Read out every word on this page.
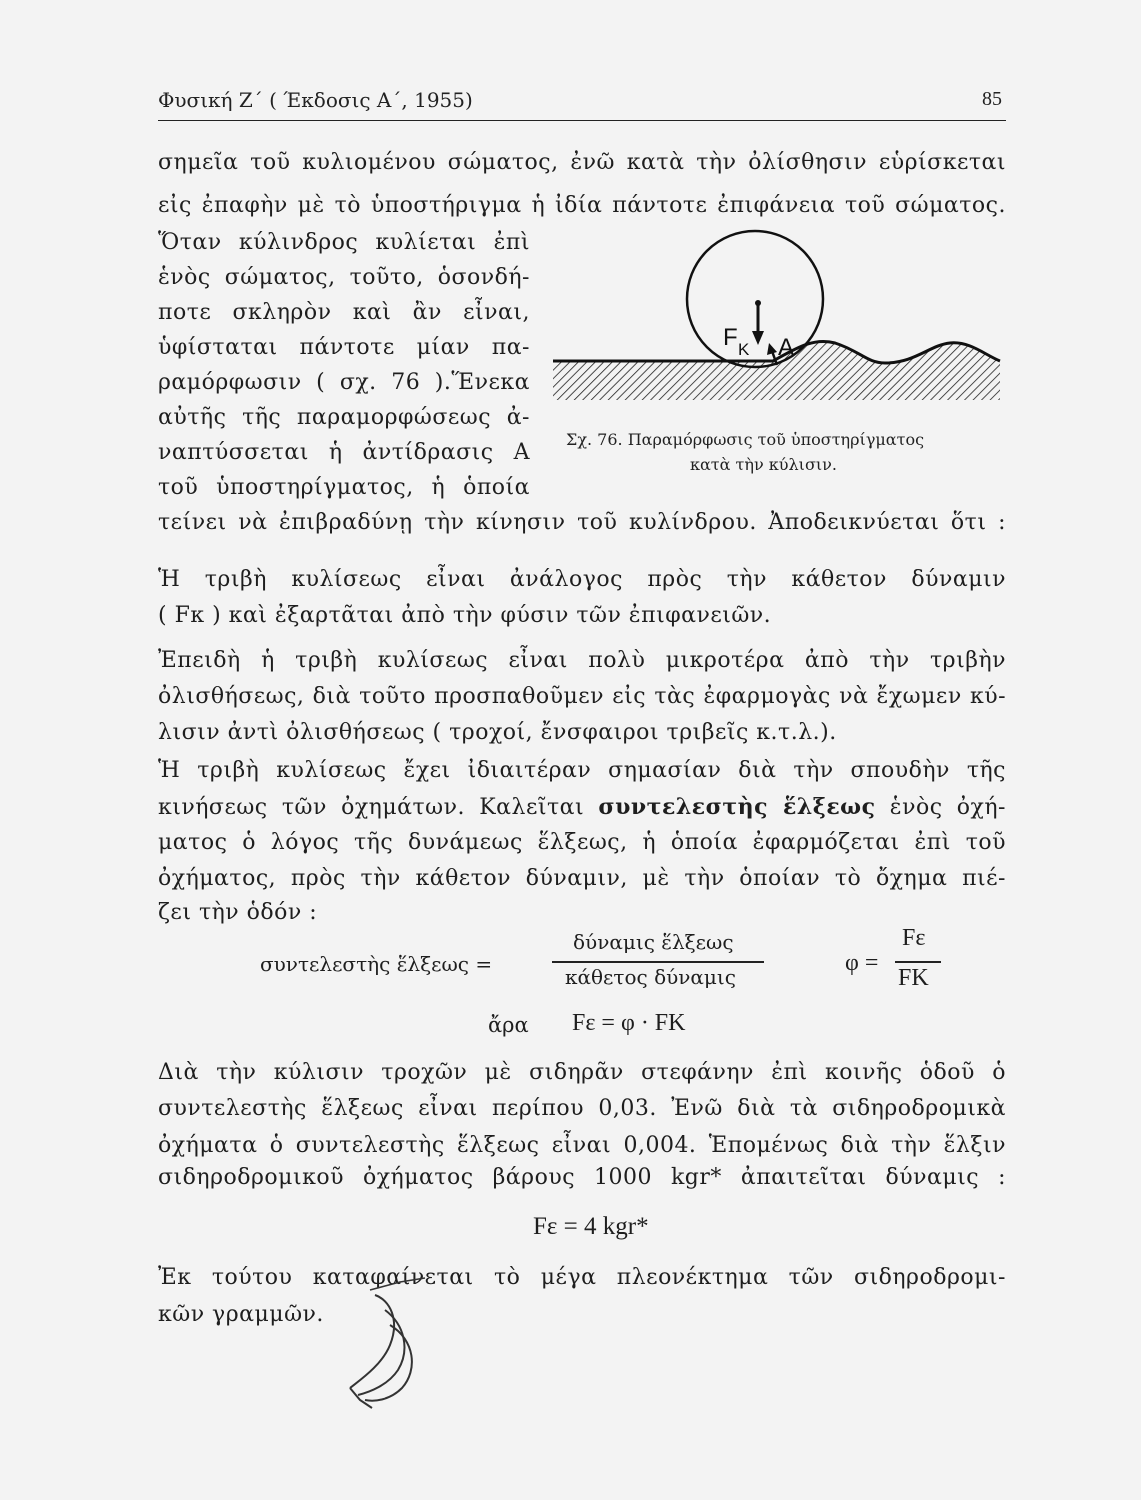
Φυσική Ζ΄ ( Έκδοσις Α΄, 1955)	85
σημεῖα τοῦ κυλιομένου σώματος, ἐνῶ κατὰ τὴν ὀλίσθησιν εὑρίσκεται
εἰς ἐπαφὴν μὲ τὸ ὑποστήριγμα ἡ ἰδία πάντοτε ἐπιφάνεια τοῦ σώματος.
Ὅταν κύλινδρος κυλίεται ἐπὶ
ἑνὸς σώματος, τοῦτο, ὁσονδή-
ποτε σκληρὸν καὶ ἂν εἶναι,
ὑφίσταται πάντοτε μίαν πα-
ραμόρφωσιν ( σχ. 76 ).Ἕνεκα
αὐτῆς τῆς παραμορφώσεως ἀ-
ναπτύσσεται ἡ ἀντίδρασις Α
τοῦ ὑποστηρίγματος, ἡ ὁποία
τείνει νὰ ἐπιβραδύνῃ τὴν κίνησιν τοῦ κυλίνδρου. Ἀποδεικνύεται ὅτι :
F Κ Α
Σχ. 76. Παραμόρφωσις τοῦ ὑποστηρίγματος
κατὰ τὴν κύλισιν.
Ἡ τριβὴ κυλίσεως εἶναι ἀνάλογος πρὸς τὴν κάθετον δύναμιν
( Fκ ) καὶ ἐξαρτᾶται ἀπὸ τὴν φύσιν τῶν ἐπιφανειῶν.
Ἐπειδὴ ἡ τριβὴ κυλίσεως εἶναι πολὺ μικροτέρα ἀπὸ τὴν τριβὴν
ὀλισθήσεως, διὰ τοῦτο προσπαθοῦμεν εἰς τὰς ἐφαρμογὰς νὰ ἔχωμεν κύ-
λισιν ἀντὶ ὀλισθήσεως ( τροχοί, ἔνσφαιροι τριβεῖς κ.τ.λ.).
Ἡ τριβὴ κυλίσεως ἔχει ἰδιαιτέραν σημασίαν διὰ τὴν σπουδὴν τῆς
κινήσεως τῶν ὀχημάτων. Καλεῖται συντελεστὴς ἕλξεως ἑνὸς ὀχή-
ματος ὁ λόγος τῆς δυνάμεως ἕλξεως, ἡ ὁποία ἐφαρμόζεται ἐπὶ τοῦ
ὀχήματος, πρὸς τὴν κάθετον δύναμιν, μὲ τὴν ὁποίαν τὸ ὄχημα πιέ-
ζει τὴν ὁδόν :
συντελεστὴς ἕλξεως =
δύναμις ἕλξεως
κάθετος δύναμις
φ =
Fε
FΚ
ἄρα Fε = φ · FΚ
Διὰ τὴν κύλισιν τροχῶν μὲ σιδηρᾶν στεφάνην ἐπὶ κοινῆς ὁδοῦ ὁ
συντελεστὴς ἕλξεως εἶναι περίπου 0,03. Ἐνῶ διὰ τὰ σιδηροδρομικὰ
ὀχήματα ὁ συντελεστὴς ἕλξεως εἶναι 0,004. Ἑπομένως διὰ τὴν ἕλξιν
σιδηροδρομικοῦ ὀχήματος βάρους 1000 kgr* ἀπαιτεῖται δύναμις :
Fε = 4 kgr*
Ἐκ τούτου καταφαίνεται τὸ μέγα πλεονέκτημα τῶν σιδηροδρομι-
κῶν γραμμῶν.
